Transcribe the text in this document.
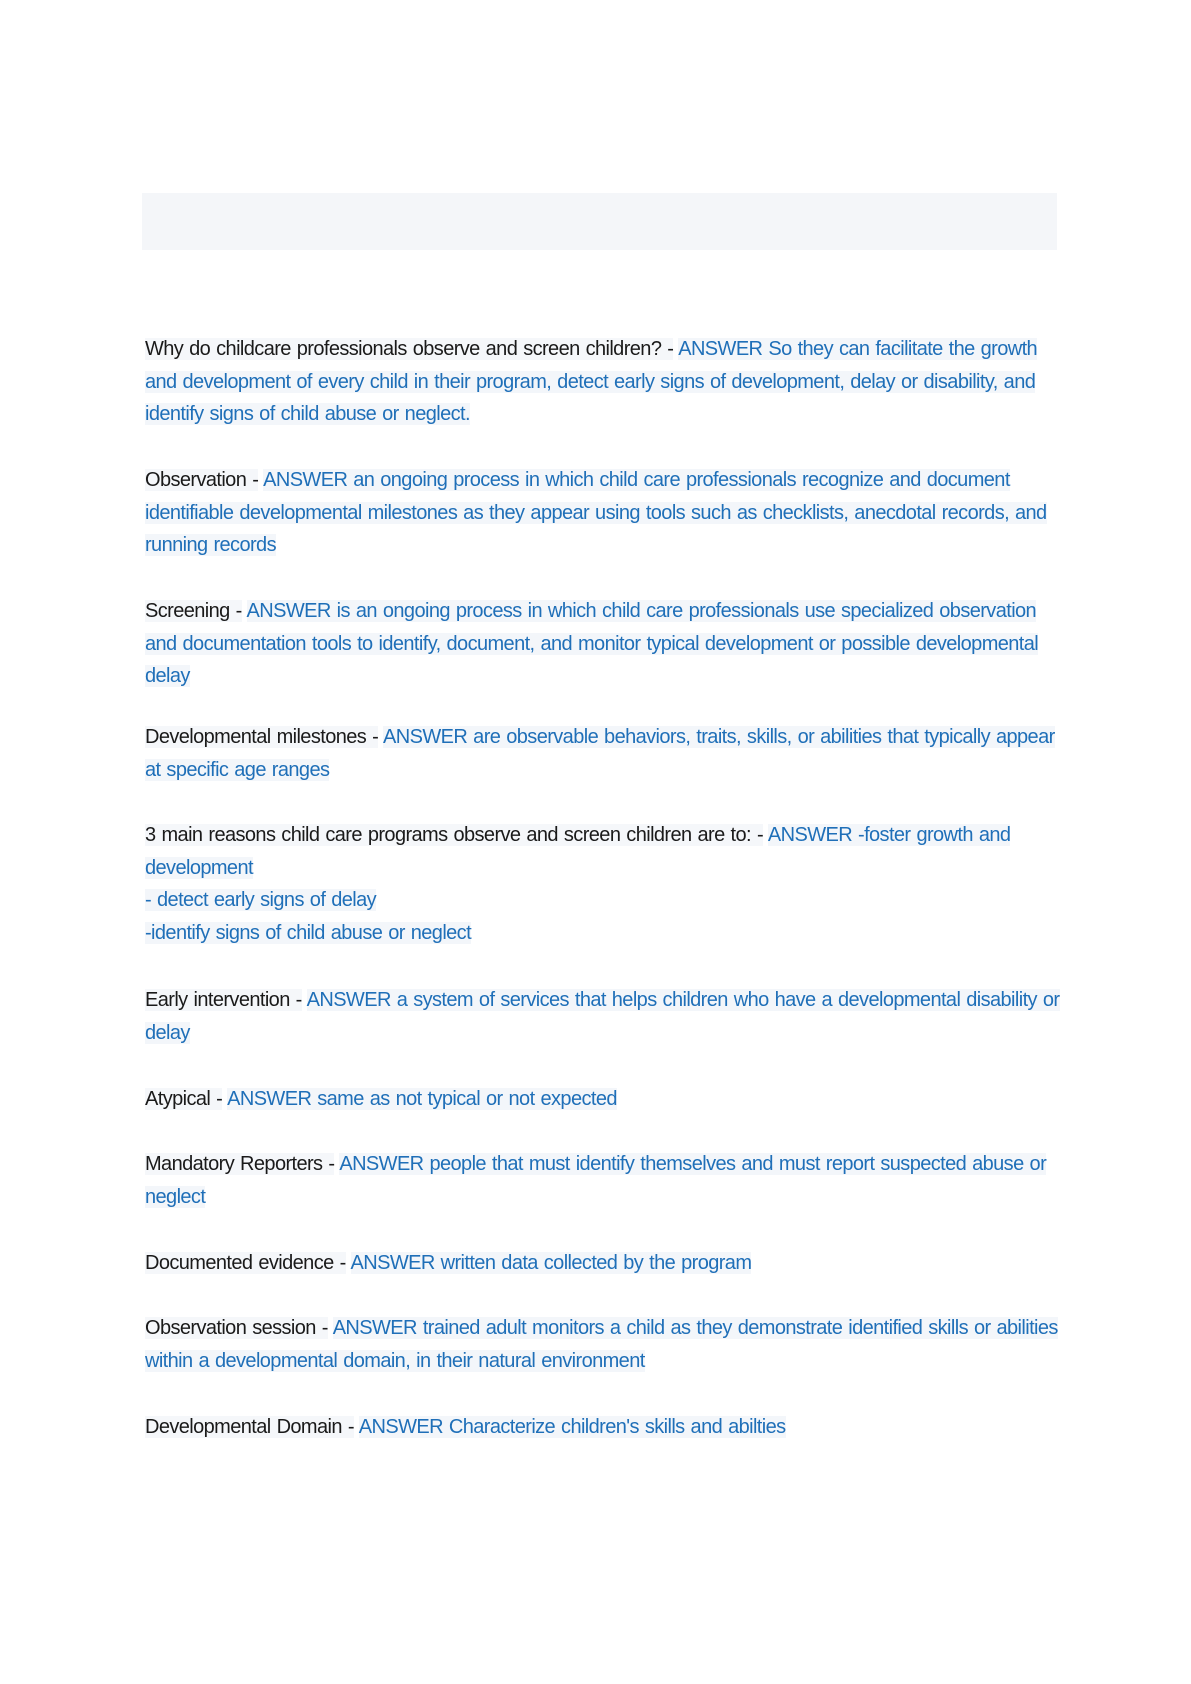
Why do childcare professionals observe and screen children? - ANSWER So they can facilitate the growth and development of every child in their program, detect early signs of development, delay or disability, and identify signs of child abuse or neglect.
Observation - ANSWER an ongoing process in which child care professionals recognize and document identifiable developmental milestones as they appear using tools such as checklists, anecdotal records, and running records
Screening - ANSWER is an ongoing process in which child care professionals use specialized observation and documentation tools to identify, document, and monitor typical development or possible developmental delay
Developmental milestones - ANSWER are observable behaviors, traits, skills, or abilities that typically appear at specific age ranges
3 main reasons child care programs observe and screen children are to: - ANSWER -foster growth and development
- detect early signs of delay
-identify signs of child abuse or neglect
Early intervention - ANSWER a system of services that helps children who have a developmental disability or delay
Atypical - ANSWER same as not typical or not expected
Mandatory Reporters - ANSWER people that must identify themselves and must report suspected abuse or neglect
Documented evidence - ANSWER written data collected by the program
Observation session - ANSWER trained adult monitors a child as they demonstrate identified skills or abilities within a developmental domain, in their natural environment
Developmental Domain - ANSWER Characterize children's skills and abilties
